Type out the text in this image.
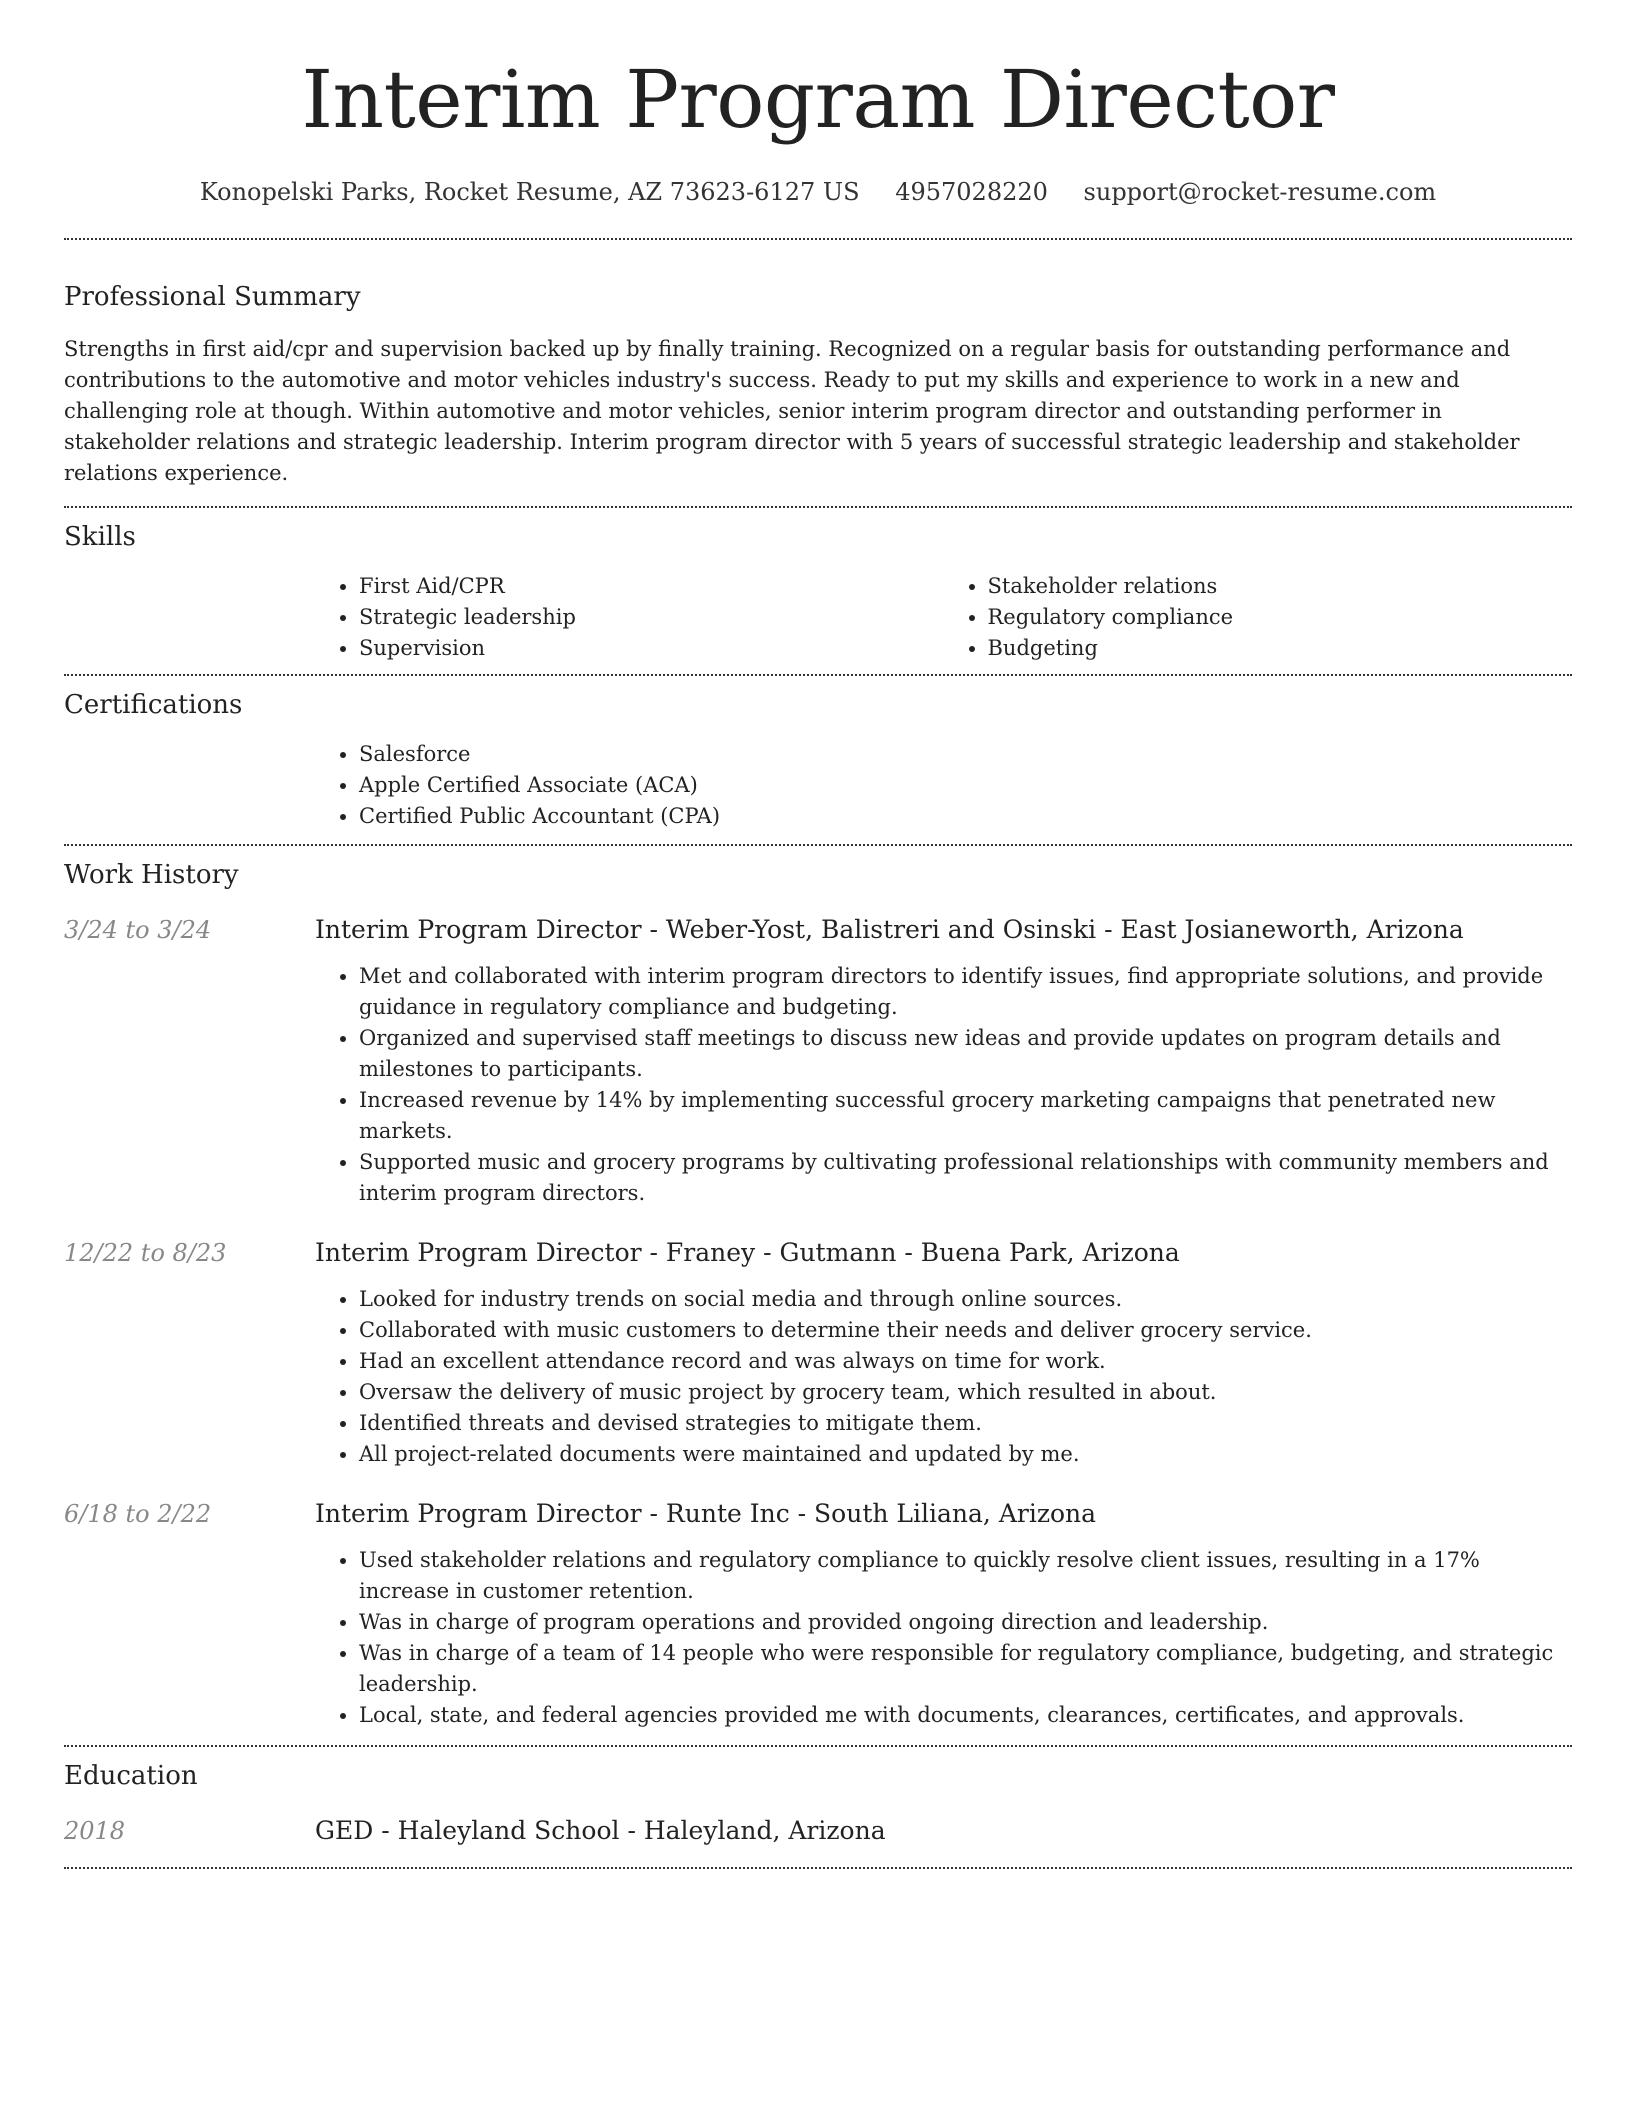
Interim Program Director
Konopelski Parks, Rocket Resume, AZ 73623-6127 US 4957028220 support@rocket-resume.com
Professional Summary

Strengths in first aid/cpr and supervision backed up by finally training. Recognized on a regular basis for outstanding performance and contributions to the automotive and motor vehicles industry's success. Ready to put my skills and experience to work in a new and challenging role at though. Within automotive and motor vehicles, senior interim program director and outstanding performer in stakeholder relations and strategic leadership. Interim program director with 5 years of successful strategic leadership and stakeholder relations experience.

Skills
• First Aid/CPR
• Strategic leadership
• Supervision
• Stakeholder relations
• Regulatory compliance
• Budgeting
Certifications
• Salesforce
• Apple Certified Associate (ACA)
• Certified Public Accountant (CPA)
Work History
3/24 to 3/24	Interim Program Director - Weber-Yost, Balistreri and Osinski - East Josianeworth, Arizona
• Met and collaborated with interim program directors to identify issues, find appropriate solutions, and provide guidance in regulatory compliance and budgeting.
• Organized and supervised staff meetings to discuss new ideas and provide updates on program details and milestones to participants.
• Increased revenue by 14% by implementing successful grocery marketing campaigns that penetrated new markets.
• Supported music and grocery programs by cultivating professional relationships with community members and interim program directors.
12/22 to 8/23	Interim Program Director - Franey - Gutmann - Buena Park, Arizona
• Looked for industry trends on social media and through online sources.
• Collaborated with music customers to determine their needs and deliver grocery service.
• Had an excellent attendance record and was always on time for work.
• Oversaw the delivery of music project by grocery team, which resulted in about.
• Identified threats and devised strategies to mitigate them.
• All project-related documents were maintained and updated by me.
6/18 to 2/22	Interim Program Director - Runte Inc - South Liliana, Arizona
• Used stakeholder relations and regulatory compliance to quickly resolve client issues, resulting in a 17% increase in customer retention.
• Was in charge of program operations and provided ongoing direction and leadership.
• Was in charge of a team of 14 people who were responsible for regulatory compliance, budgeting, and strategic leadership.
• Local, state, and federal agencies provided me with documents, clearances, certificates, and approvals.
Education
2018	GED - Haleyland School - Haleyland, Arizona
